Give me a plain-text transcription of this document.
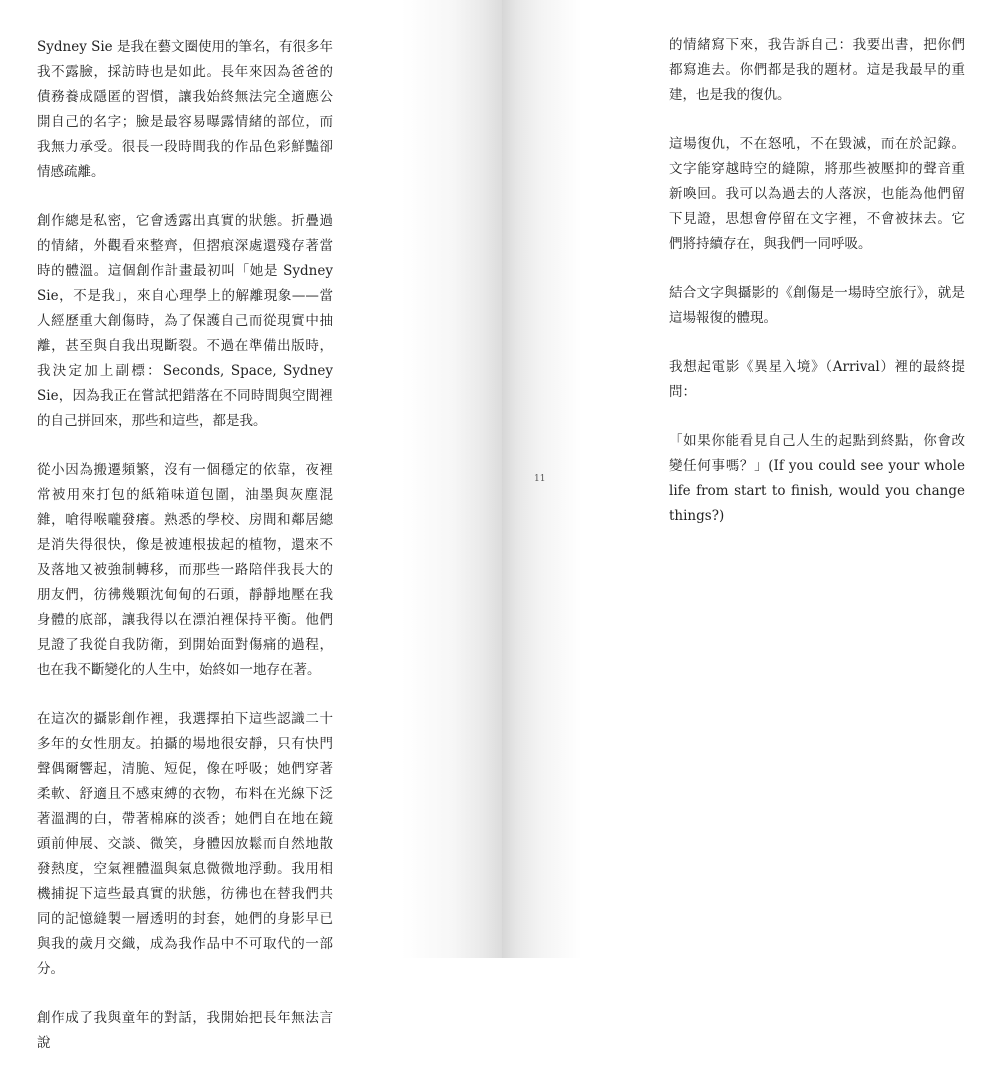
Sydney Sie 是我在藝文圈使用的筆名，有很多年我不露臉，採訪時也是如此。長年來因為爸爸的債務養成隱匿的習慣，讓我始終無法完全適應公開自己的名字；臉是最容易曝露情緒的部位，而我無力承受。很長一段時間我的作品色彩鮮豔卻情感疏離。

創作總是私密，它會透露出真實的狀態。折疊過的情緒，外觀看來整齊，但摺痕深處還殘存著當時的體溫。這個創作計畫最初叫「她是 Sydney Sie，不是我」，來自心理學上的解離現象——當人經歷重大創傷時，為了保護自己而從現實中抽離，甚至與自我出現斷裂。不過在準備出版時，我決定加上副標：Seconds, Space, Sydney Sie，因為我正在嘗試把錯落在不同時間與空間裡的自己拼回來，那些和這些，都是我。

從小因為搬遷頻繁，沒有一個穩定的依靠，夜裡常被用來打包的紙箱味道包圍，油墨與灰塵混雜，嗆得喉嚨發癢。熟悉的學校、房間和鄰居總是消失得很快，像是被連根拔起的植物，還來不及落地又被強制轉移，而那些一路陪伴我長大的朋友們，彷彿幾顆沈甸甸的石頭，靜靜地壓在我身體的底部，讓我得以在漂泊裡保持平衡。他們見證了我從自我防衛，到開始面對傷痛的過程，也在我不斷變化的人生中，始終如一地存在著。

在這次的攝影創作裡，我選擇拍下這些認識二十多年的女性朋友。拍攝的場地很安靜，只有快門聲偶爾響起，清脆、短促，像在呼吸；她們穿著柔軟、舒適且不感束縛的衣物，布料在光線下泛著溫潤的白，帶著棉麻的淡香；她們自在地在鏡頭前伸展、交談、微笑，身體因放鬆而自然地散發熱度，空氣裡體溫與氣息微微地浮動。我用相機捕捉下這些最真實的狀態，彷彿也在替我們共同的記憶縫製一層透明的封套，她們的身影早已與我的歲月交織，成為我作品中不可取代的一部分。

創作成了我與童年的對話，我開始把長年無法言說

的情緒寫下來，我告訴自己：我要出書，把你們都寫進去。你們都是我的題材。這是我最早的重建，也是我的復仇。

這場復仇，不在怒吼，不在毀滅，而在於記錄。文字能穿越時空的縫隙，將那些被壓抑的聲音重新喚回。我可以為過去的人落淚，也能為他們留下見證，思想會停留在文字裡，不會被抹去。它們將持續存在，與我們一同呼吸。

結合文字與攝影的《創傷是一場時空旅行》，就是這場報復的體現。

我想起電影《異星入境》（Arrival）裡的最終提問：

「如果你能看見自己人生的起點到終點，你會改變任何事嗎？」(If you could see your whole life from start to finish, would you change things?)

11
